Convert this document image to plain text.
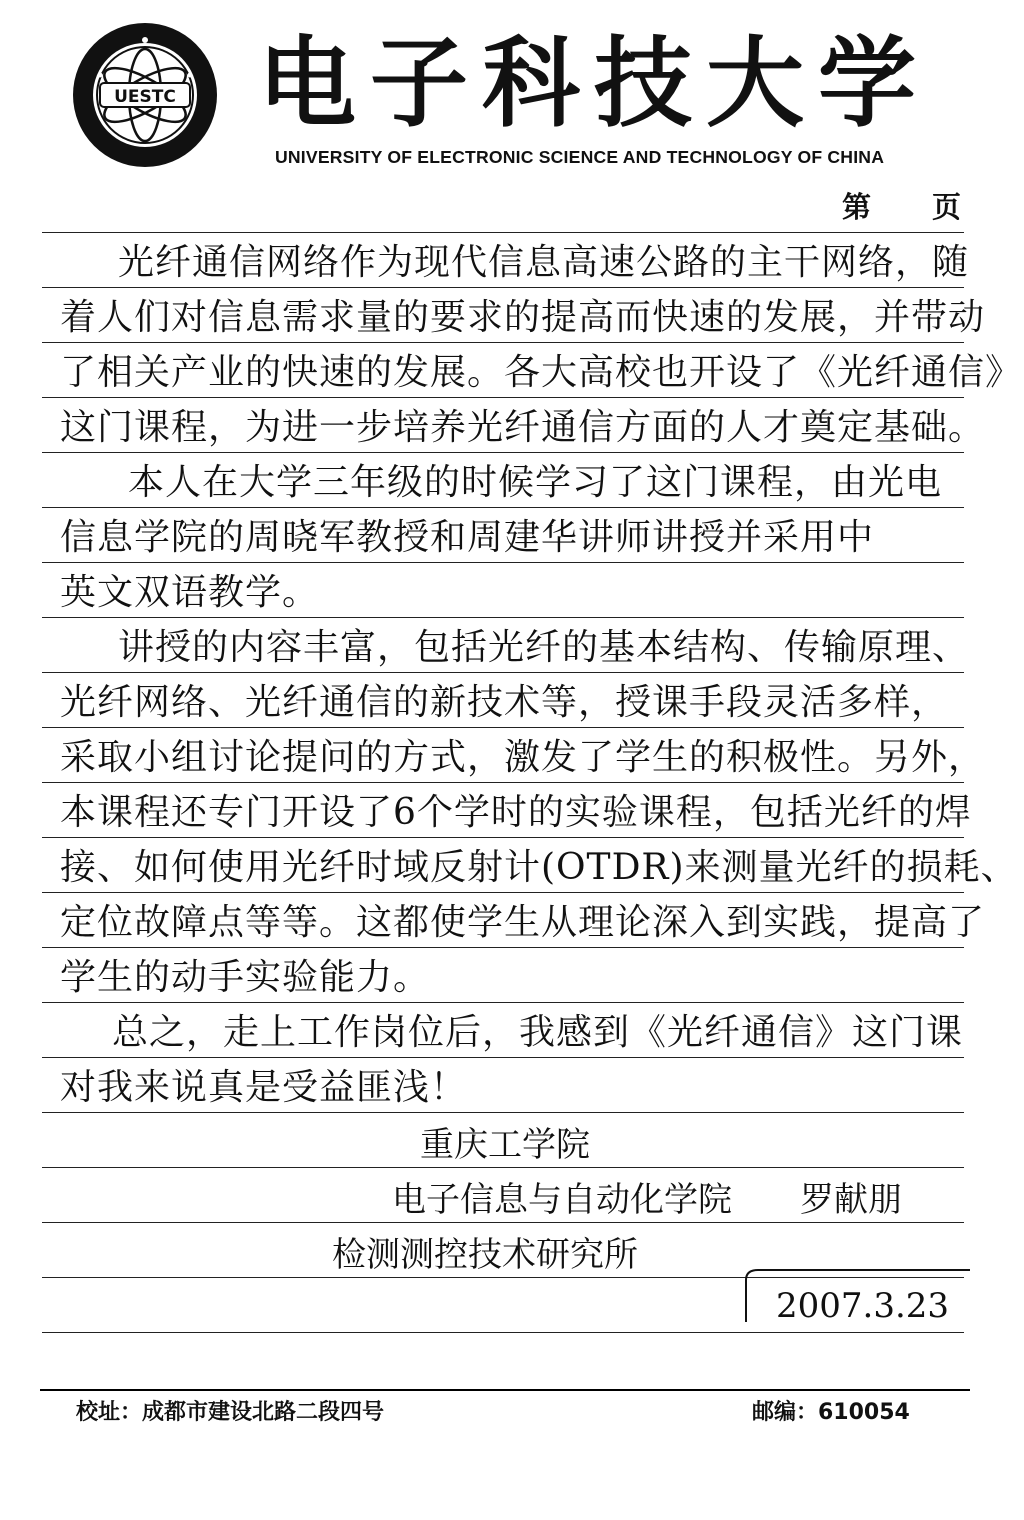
UESTC 电子科技大学
UNIVERSITY OF ELECTRONIC SCIENCE AND TECHNOLOGY OF CHINA
第 页
光纤通信网络作为现代信息高速公路的主干网络，随
着人们对信息需求量的要求的提高而快速的发展，并带动
了相关产业的快速的发展。各大高校也开设了《光纤通信》
这门课程，为进一步培养光纤通信方面的人才奠定基础。
本人在大学三年级的时候学习了这门课程，由光电
信息学院的周晓军教授和周建华讲师讲授并采用中
英文双语教学。
讲授的内容丰富，包括光纤的基本结构、传输原理、
光纤网络、光纤通信的新技术等，授课手段灵活多样，
采取小组讨论提问的方式，激发了学生的积极性。另外，
本课程还专门开设了6个学时的实验课程，包括光纤的焊
接、如何使用光纤时域反射计(OTDR)来测量光纤的损耗、
定位故障点等等。这都使学生从理论深入到实践，提高了
学生的动手实验能力。
总之，走上工作岗位后，我感到《光纤通信》这门课
对我来说真是受益匪浅！
重庆工学院
电子信息与自动化学院 罗献朋
检测测控技术研究所
2007.3.23
校址：成都市建设北路二段四号	邮编：610054
